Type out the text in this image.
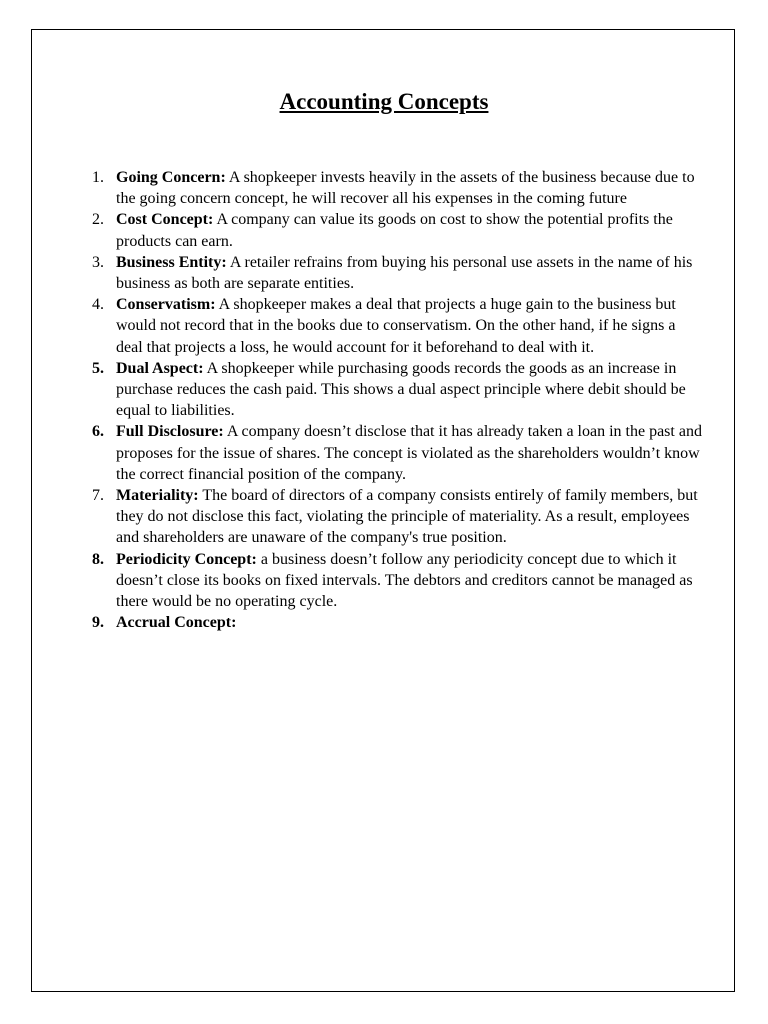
Accounting Concepts
1. Going Concern: A shopkeeper invests heavily in the assets of the business because due to the going concern concept, he will recover all his expenses in the coming future
2. Cost Concept: A company can value its goods on cost to show the potential profits the products can earn.
3. Business Entity: A retailer refrains from buying his personal use assets in the name of his business as both are separate entities.
4. Conservatism: A shopkeeper makes a deal that projects a huge gain to the business but would not record that in the books due to conservatism. On the other hand, if he signs a deal that projects a loss, he would account for it beforehand to deal with it.
5. Dual Aspect: A shopkeeper while purchasing goods records the goods as an increase in purchase reduces the cash paid. This shows a dual aspect principle where debit should be equal to liabilities.
6. Full Disclosure: A company doesn’t disclose that it has already taken a loan in the past and proposes for the issue of shares. The concept is violated as the shareholders wouldn’t know the correct financial position of the company.
7. Materiality: The board of directors of a company consists entirely of family members, but they do not disclose this fact, violating the principle of materiality. As a result, employees and shareholders are unaware of the company's true position.
8. Periodicity Concept: a business doesn’t follow any periodicity concept due to which it doesn’t close its books on fixed intervals. The debtors and creditors cannot be managed as there would be no operating cycle.
9. Accrual Concept:
